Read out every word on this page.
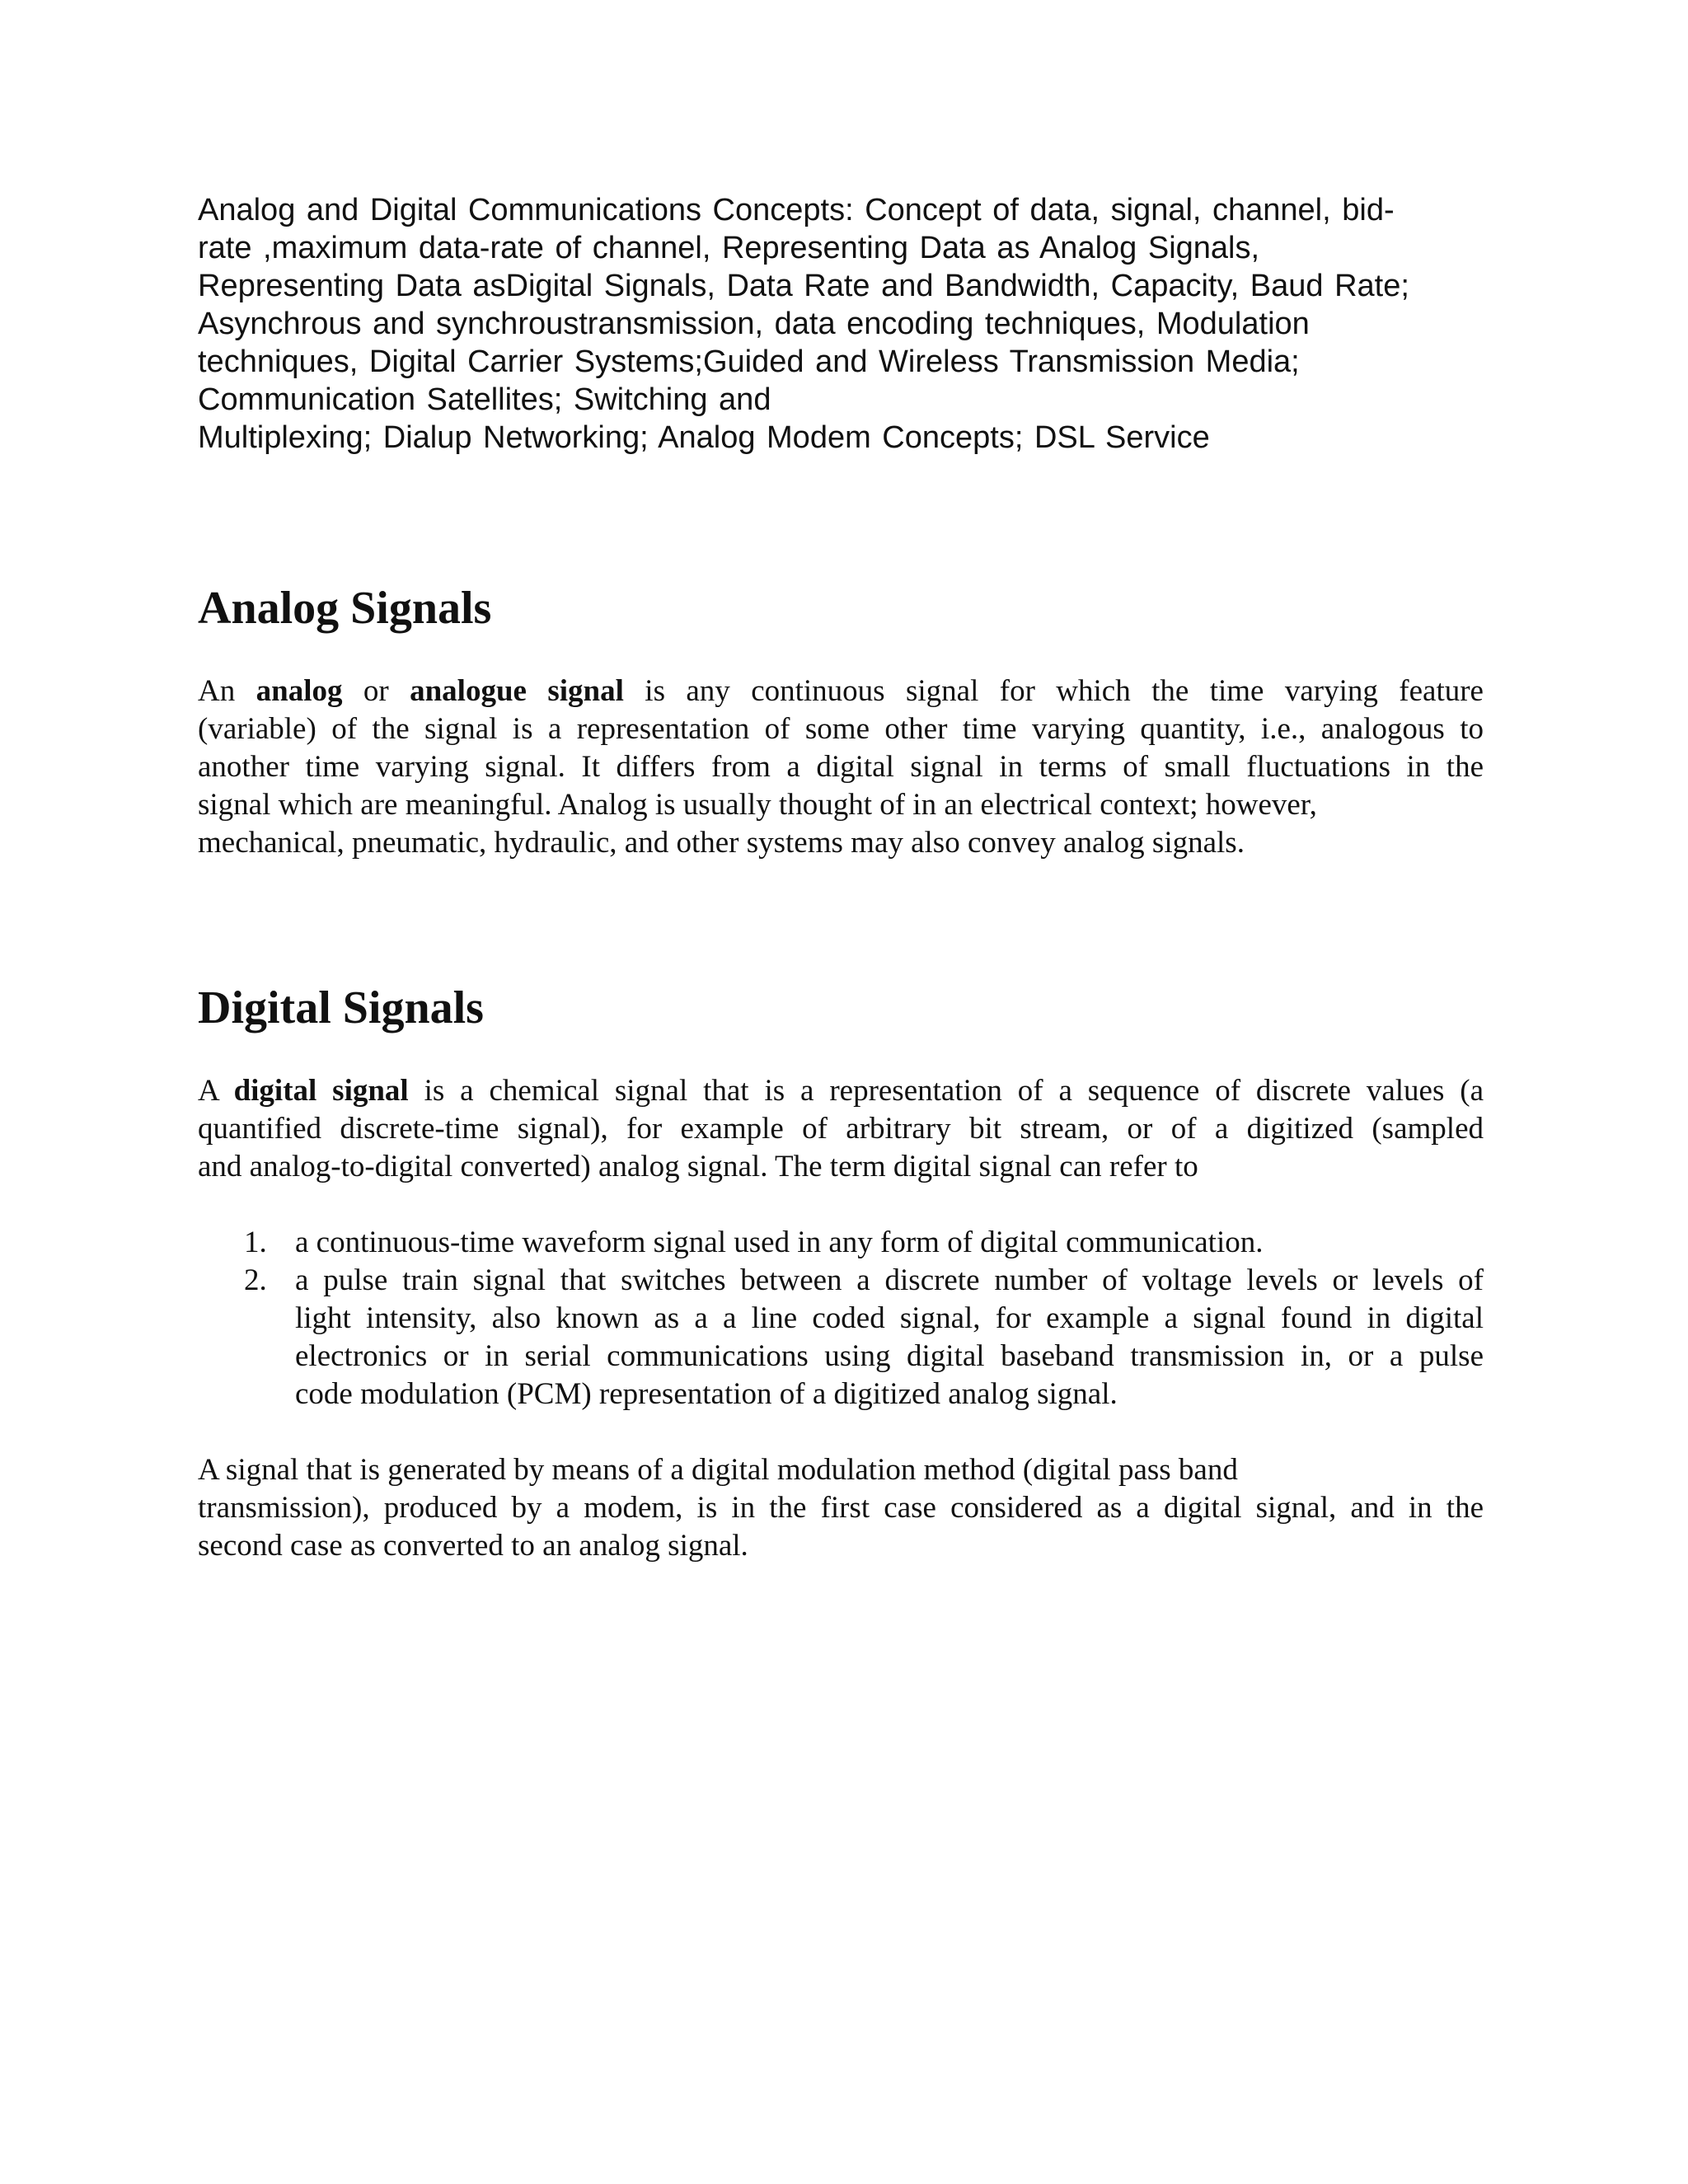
Analog and Digital Communications Concepts: Concept of data, signal, channel, bid-
rate ,maximum data-rate of channel, Representing Data as Analog Signals,
Representing Data asDigital Signals, Data Rate and Bandwidth, Capacity, Baud Rate;
Asynchrous and synchroustransmission, data encoding techniques, Modulation
techniques, Digital Carrier Systems;Guided and Wireless Transmission Media;
Communication Satellites; Switching and
Multiplexing; Dialup Networking; Analog Modem Concepts; DSL Service

Analog Signals

An analog or analogue signal is any continuous signal for which the time varying feature
(variable) of the signal is a representation of some other time varying quantity, i.e., analogous to
another time varying signal. It differs from a digital signal in terms of small fluctuations in the
signal which are meaningful. Analog is usually thought of in an electrical context; however,
mechanical, pneumatic, hydraulic, and other systems may also convey analog signals.

Digital Signals

A digital signal is a chemical signal that is a representation of a sequence of discrete values (a
quantified discrete-time signal), for example of arbitrary bit stream, or of a digitized (sampled
and analog-to-digital converted) analog signal. The term digital signal can refer to

1. a continuous-time waveform signal used in any form of digital communication.
2. a pulse train signal that switches between a discrete number of voltage levels or levels of
light intensity, also known as a a line coded signal, for example a signal found in digital
electronics or in serial communications using digital baseband transmission in, or a pulse
code modulation (PCM) representation of a digitized analog signal.

A signal that is generated by means of a digital modulation method (digital pass band
transmission), produced by a modem, is in the first case considered as a digital signal, and in the
second case as converted to an analog signal.
